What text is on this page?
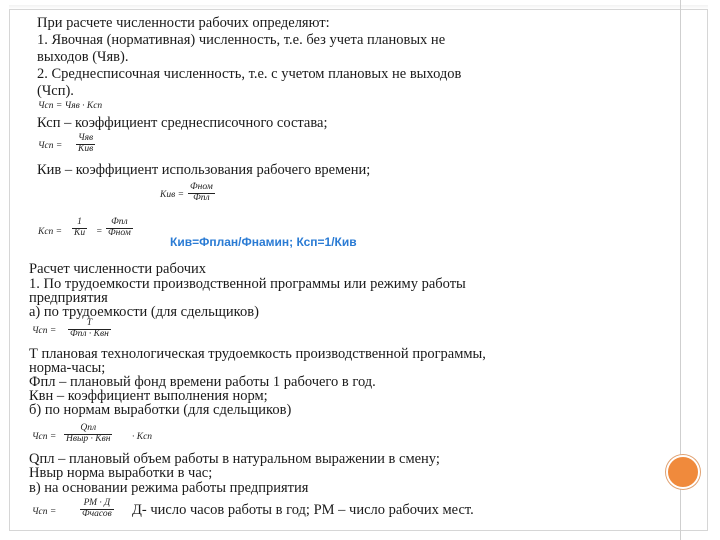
При расчете численности рабочих определяют:
1. Явочная (нормативная) численность, т.е. без учета плановых не
выходов (Чяв).
2. Среднесписочная численность, т.е. с учетом плановых не выходов
(Чсп).
Чсп = Чяв · Kсп
Ксп – коэффициент среднесписочного состава;
Чсп =
Чяв
Kив
Кив – коэффициент использования рабочего времени;
Kив =
Фном
Фпл
Kсп =
1
Kи =
Фпл
Фном
Кив=Фплан/Фнамин; Ксп=1/Кив
Расчет численности рабочих
1. По трудоемкости производственной программы или режиму работы
предприятия
а) по трудоемкости (для сдельщиков)
Чсп =
T
Фпл · Kвн
Т плановая технологическая трудоемкость производственной программы,
норма-часы;
Фпл – плановый фонд времени работы 1 рабочего в год.
Квн – коэффициент выполнения норм;
б) по нормам выработки (для сдельщиков)
Чсп =
Qпл
Нвыр · Kвн · Kсп
Qпл – плановый объем работы в натуральном выражении в смену;
Нвыр норма выработки в час;
в) на основании режима работы предприятия
Чсп =
РМ · Д
Фчасов Д- число часов работы в год; РМ – число рабочих мест.
